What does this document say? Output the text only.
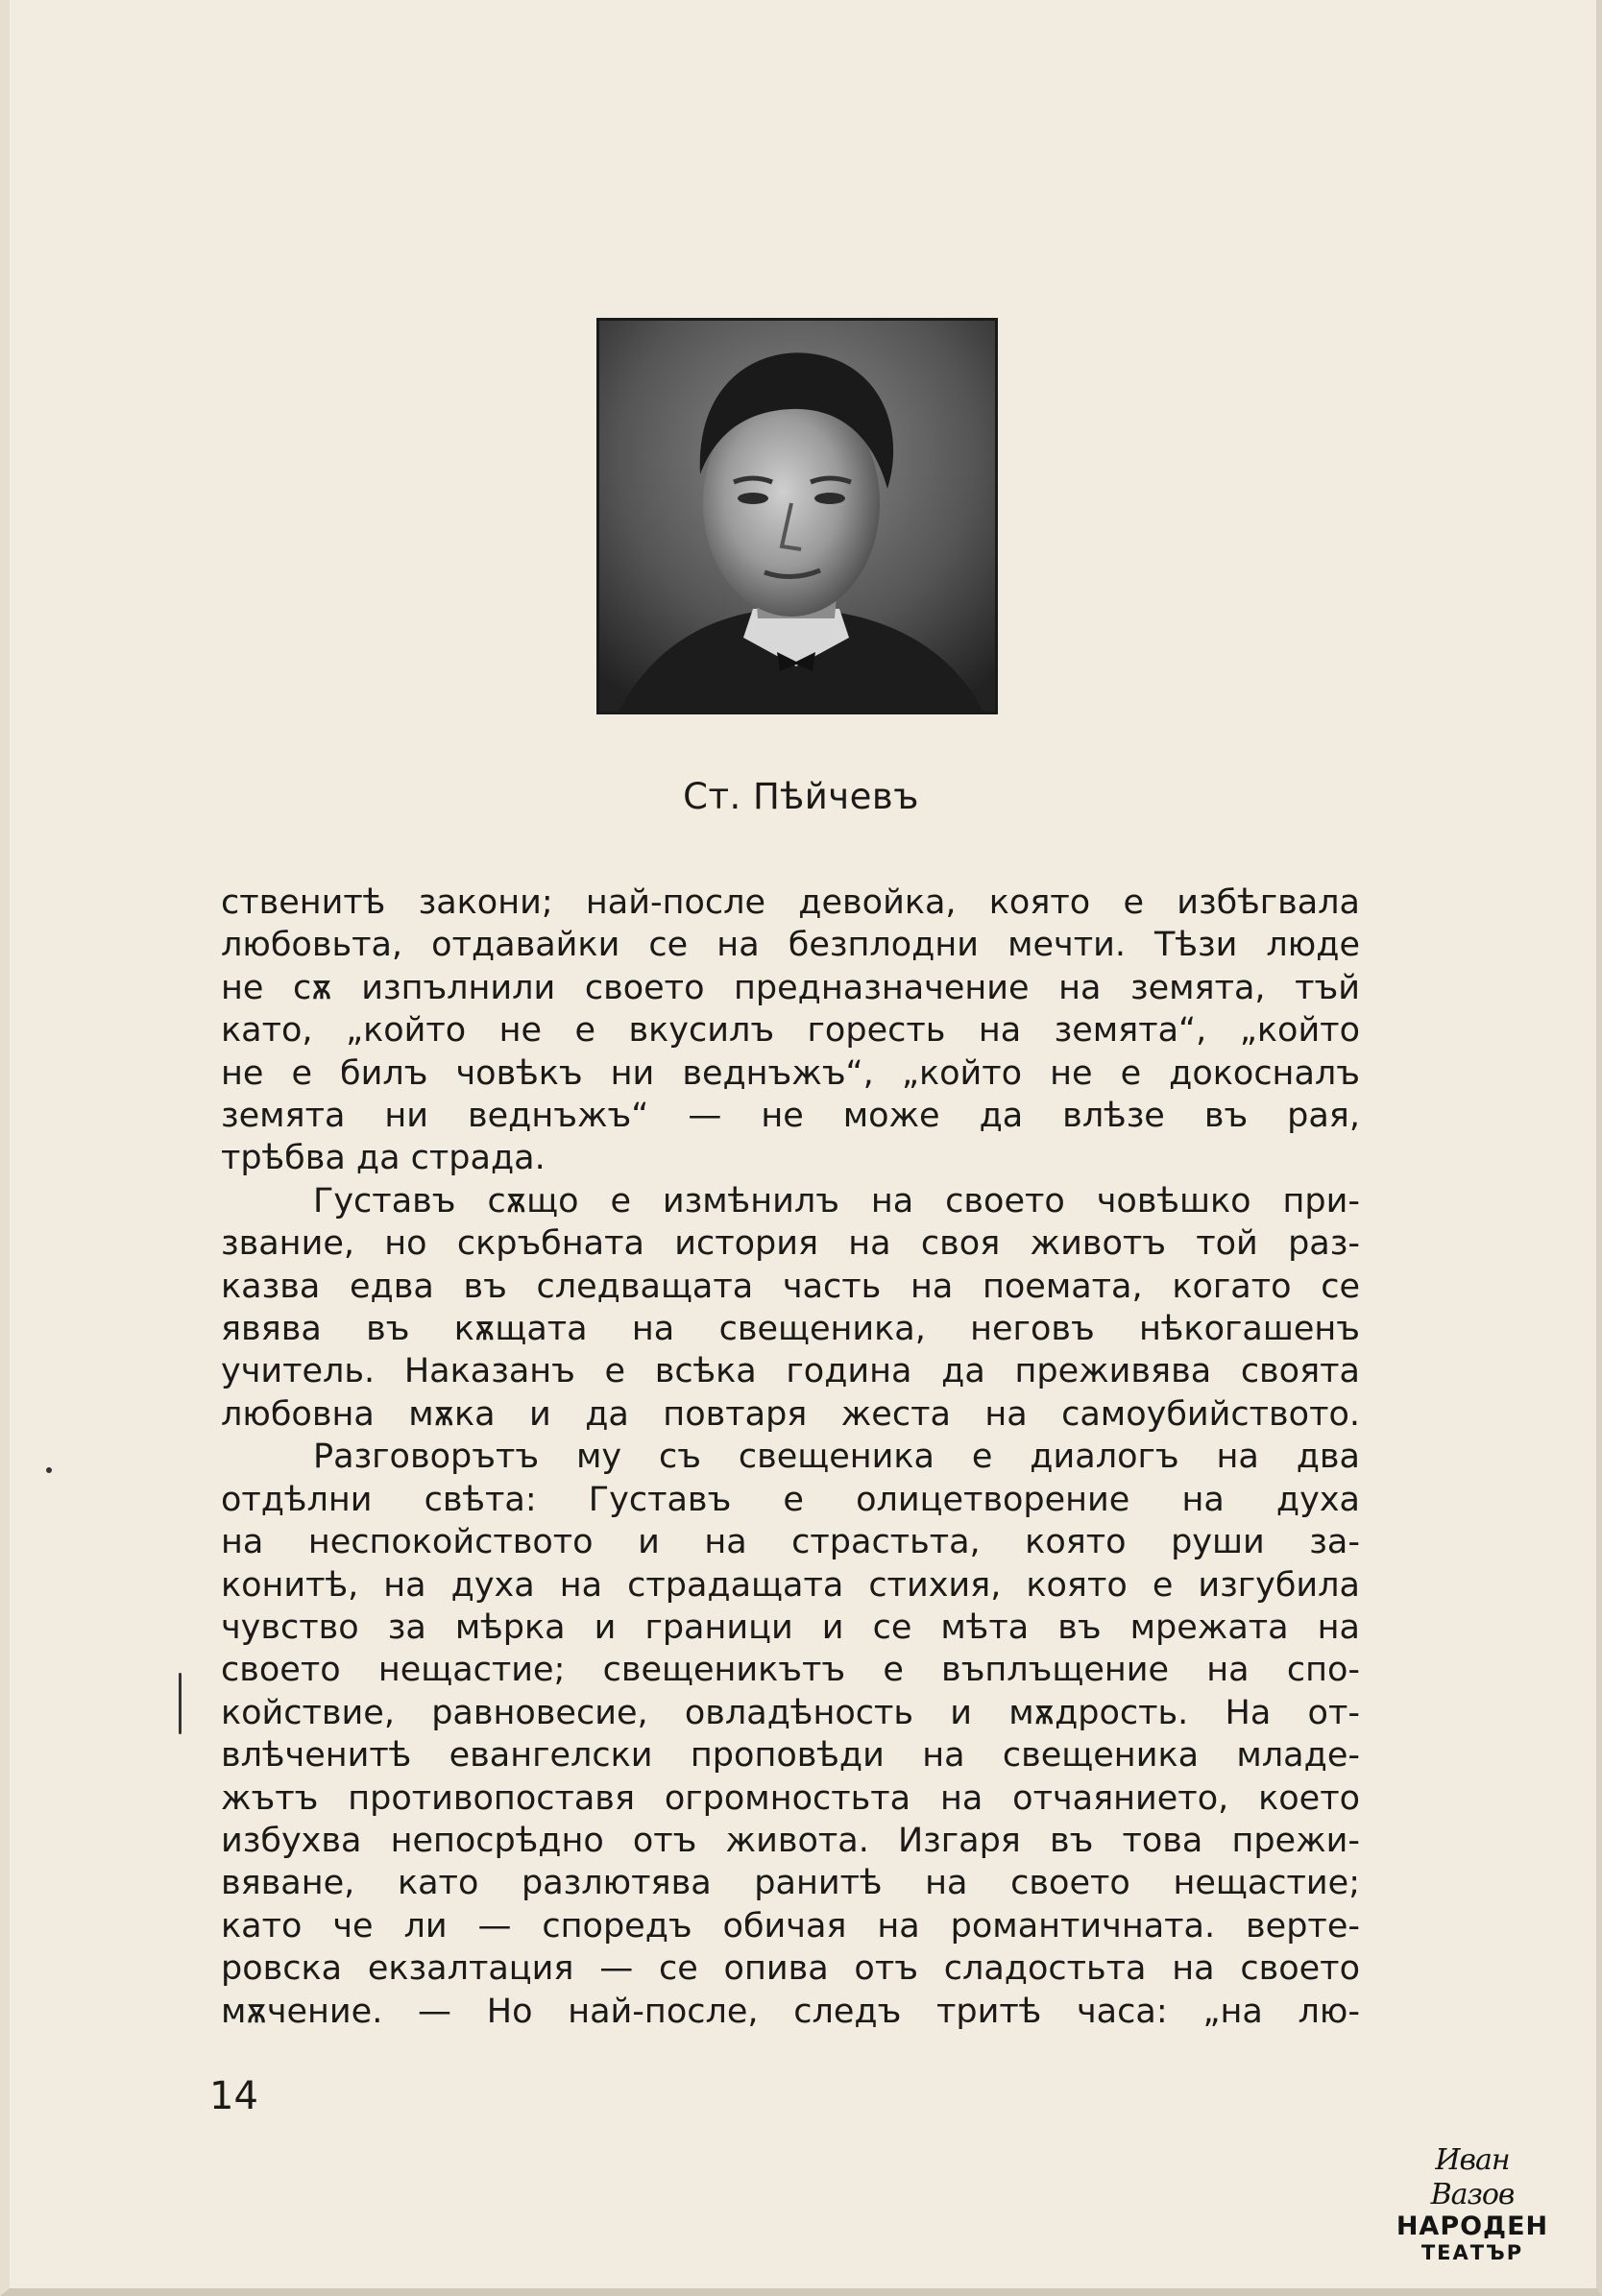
Ст. Пѣйчевъ
ственитѣ закони; най-после девойка, която е избѣгвала
любовьта, отдавайки се на безплодни мечти. Тѣзи люде
не сѫ изпълнили своето предназначение на земята, тъй
като, „който не е вкусилъ горесть на земята“, „който
не е билъ човѣкъ ни веднъжъ“, „който не е докосналъ
земята ни веднъжъ“ — не може да влѣзе въ рая,
трѣбва да страда.
Густавъ сѫщо е измѣнилъ на своето човѣшко при-
звание, но скръбната история на своя животъ той раз-
казва едва въ следващата часть на поемата, когато се
явява въ кѫщата на свещеника, неговъ нѣкогашенъ
учитель. Наказанъ е всѣка година да преживява своята
любовна мѫка и да повтаря жеста на самоубийството.
Разговорътъ му съ свещеника е диалогъ на два
отдѣлни свѣта: Густавъ е олицетворение на духа
на неспокойството и на страстьта, която руши за-
конитѣ, на духа на страдащата стихия, която е изгубила
чувство за мѣрка и граници и се мѣта въ мрежата на
своето нещастие; свещеникътъ е въплъщение на спо-
койствие, равновесие, овладѣность и мѫдрость. На от-
влѣченитѣ евангелски проповѣди на свещеника младе-
жътъ противопоставя огромностьта на отчаянието, което
избухва непосрѣдно отъ живота. Изгаря въ това прежи-
вяване, като разлютява ранитѣ на своето нещастие;
като че ли — споредъ обичая на романтичната. верте-
ровска екзалтация — се опива отъ сладостьта на своето
мѫчение. — Но най-после, следъ тритѣ часа: „на лю-
14
Иван Вазов
НАРОДЕН
ТЕАТЪР
